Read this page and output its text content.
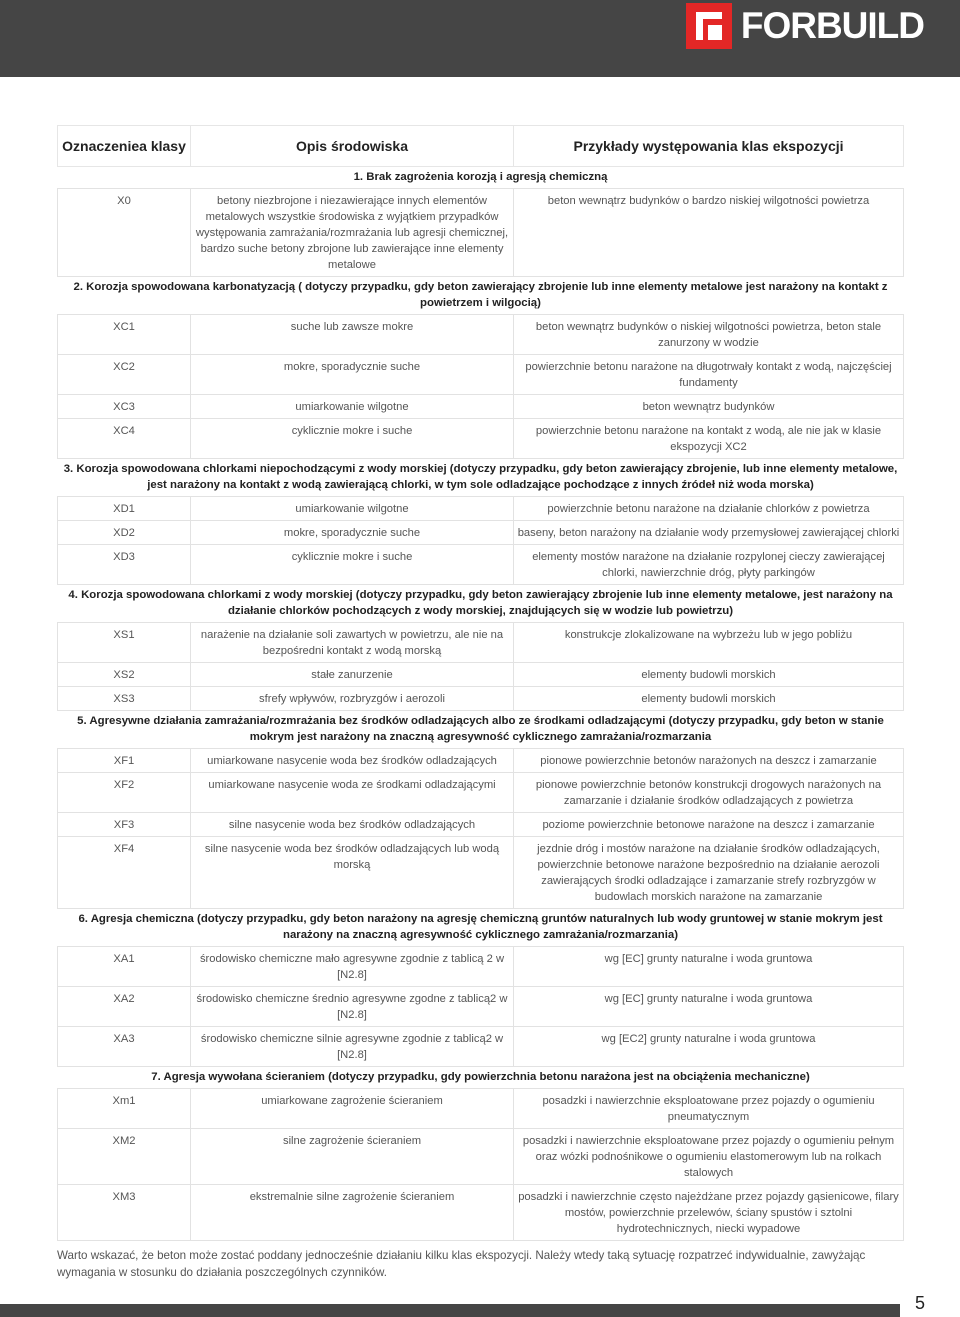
FORBUILD
Oznaczeniea klasy	Opis środowiska	Przykłady występowania klas ekspozycji
1. Brak zagrożenia korozją i agresją chemiczną		
X0	betony niezbrojone i niezawierające innych elementów metalowych wszystkie środowiska z wyjątkiem przypadków występowania zamrażania/rozmrażania lub agresji chemicznej, bardzo suche betony zbrojone lub zawierające inne elementy metalowe	beton wewnątrz budynków o bardzo niskiej wilgotności powietrza
2. Korozja spowodowana karbonatyzacją ( dotyczy przypadku, gdy beton zawierający zbrojenie lub inne elementy metalowe jest narażony na kontakt z powietrzem i wilgocią)		
XC1	suche lub zawsze mokre	beton wewnątrz budynków o niskiej wilgotności powietrza, beton stale zanurzony w wodzie
XC2	mokre, sporadycznie suche	powierzchnie betonu narażone na długotrwały kontakt z wodą, najczęściej fundamenty
XC3	umiarkowanie wilgotne	beton wewnątrz budynków
XC4	cyklicznie mokre i suche	powierzchnie betonu narażone na kontakt z wodą, ale nie jak w klasie ekspozycji XC2
3. Korozja spowodowana chlorkami niepochodzącymi z wody morskiej (dotyczy przypadku, gdy beton zawierający zbrojenie, lub inne elementy metalowe, jest narażony na kontakt z wodą zawierającą chlorki, w tym sole odladzające pochodzące z innych źródeł niż woda morska)		
XD1	umiarkowanie wilgotne	powierzchnie betonu narażone na działanie chlorków z powietrza
XD2	mokre, sporadycznie suche	baseny, beton narażony na działanie wody przemysłowej zawierającej chlorki
XD3	cyklicznie mokre i suche	elementy mostów narażone na działanie rozpylonej cieczy zawierającej chlorki, nawierzchnie dróg, płyty parkingów
4. Korozja spowodowana chlorkami z wody morskiej (dotyczy przypadku, gdy beton zawierający zbrojenie lub inne elementy metalowe, jest narażony na działanie chlorków pochodzących z wody morskiej, znajdujących się w wodzie lub powietrzu)		
XS1	narażenie na działanie soli zawartych w powietrzu, ale nie na bezpośredni kontakt z wodą morską	konstrukcje zlokalizowane na wybrzeżu lub w jego pobliżu
XS2	stałe zanurzenie	elementy budowli morskich
XS3	sfrefy wpływów, rozbryzgów i aerozoli	elementy budowli morskich
5. Agresywne działania zamrażania/rozmrażania bez środków odladzających albo ze środkami odladzającymi (dotyczy przypadku, gdy beton w stanie mokrym jest narażony na znaczną agresywność cyklicznego zamrażania/rozmarzania		
XF1	umiarkowane nasycenie woda bez środków odladzających	pionowe powierzchnie betonów narażonych na deszcz i zamarzanie
XF2	umiarkowane nasycenie woda ze środkami odladzającymi	pionowe powierzchnie betonów konstrukcji drogowych narażonych na zamarzanie i działanie środków odladzających z powietrza
XF3	silne nasycenie woda bez środków odladzających	poziome powierzchnie betonowe narażone na deszcz i zamarzanie
XF4	silne nasycenie woda bez środków odladzających lub wodą morską	jezdnie dróg i mostów narażone na działanie środków odladzających, powierzchnie betonowe narażone bezpośrednio na działanie aerozoli zawierających środki odladzające i zamarzanie strefy rozbryzgów w budowlach morskich narażone na zamarzanie
6. Agresja chemiczna (dotyczy przypadku, gdy beton narażony na agresję chemiczną gruntów naturalnych lub wody gruntowej w stanie mokrym jest narażony na znaczną agresywność cyklicznego zamrażania/rozmarzania)		
XA1	środowisko chemiczne mało agresywne zgodnie z tablicą 2 w [N2.8]	wg [EC] grunty naturalne i woda gruntowa
XA2	środowisko chemiczne średnio agresywne zgodne z tablicą2 w [N2.8]	wg [EC] grunty naturalne i woda gruntowa
XA3	środowisko chemiczne silnie agresywne zgodnie z tablicą2 w [N2.8]	wg [EC2] grunty naturalne i woda gruntowa
7. Agresja wywołana ścieraniem (dotyczy przypadku, gdy powierzchnia betonu narażona jest na obciążenia mechaniczne)		
Xm1	umiarkowane zagrożenie ścieraniem	posadzki i nawierzchnie eksploatowane przez pojazdy o ogumieniu pneumatycznym
XM2	silne zagrożenie ścieraniem	posadzki i nawierzchnie eksploatowane przez pojazdy o ogumieniu pełnym oraz wózki podnośnikowe o ogumieniu elastomerowym lub na rolkach stalowych
XM3	ekstremalnie silne zagrożenie ścieraniem	posadzki i nawierzchnie często najeżdżane przez pojazdy gąsienicowe, filary mostów, powierzchnie przelewów, ściany spustów i sztolni hydrotechnicznych, niecki wypadowe
Warto wskazać, że beton może zostać poddany jednocześnie działaniu kilku klas ekspozycji. Należy wtedy taką sytuację rozpatrzeć indywidualnie, zawyżając wymagania w stosunku do działania poszczególnych czynników.
5
